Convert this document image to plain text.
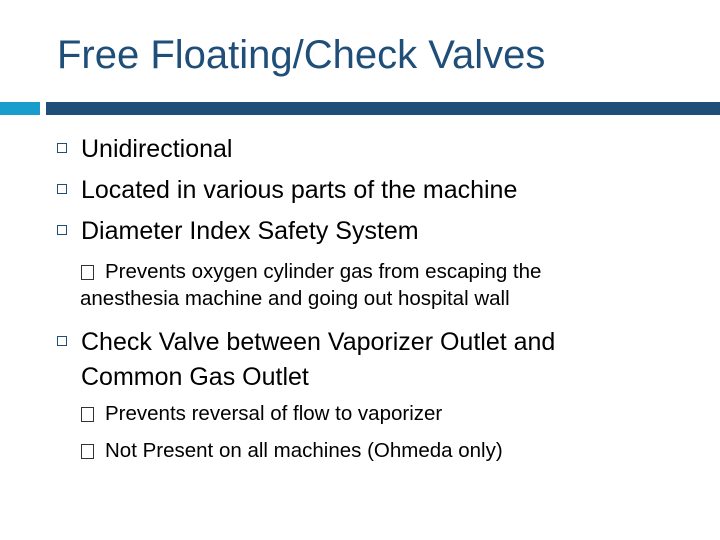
Free Floating/Check Valves
Unidirectional
Located in various parts of the machine
Diameter Index Safety System
Prevents oxygen cylinder gas from escaping the
anesthesia machine and going out hospital wall
Check Valve between Vaporizer Outlet and
Common Gas Outlet
Prevents reversal of flow to vaporizer
Not Present on all machines (Ohmeda only)
